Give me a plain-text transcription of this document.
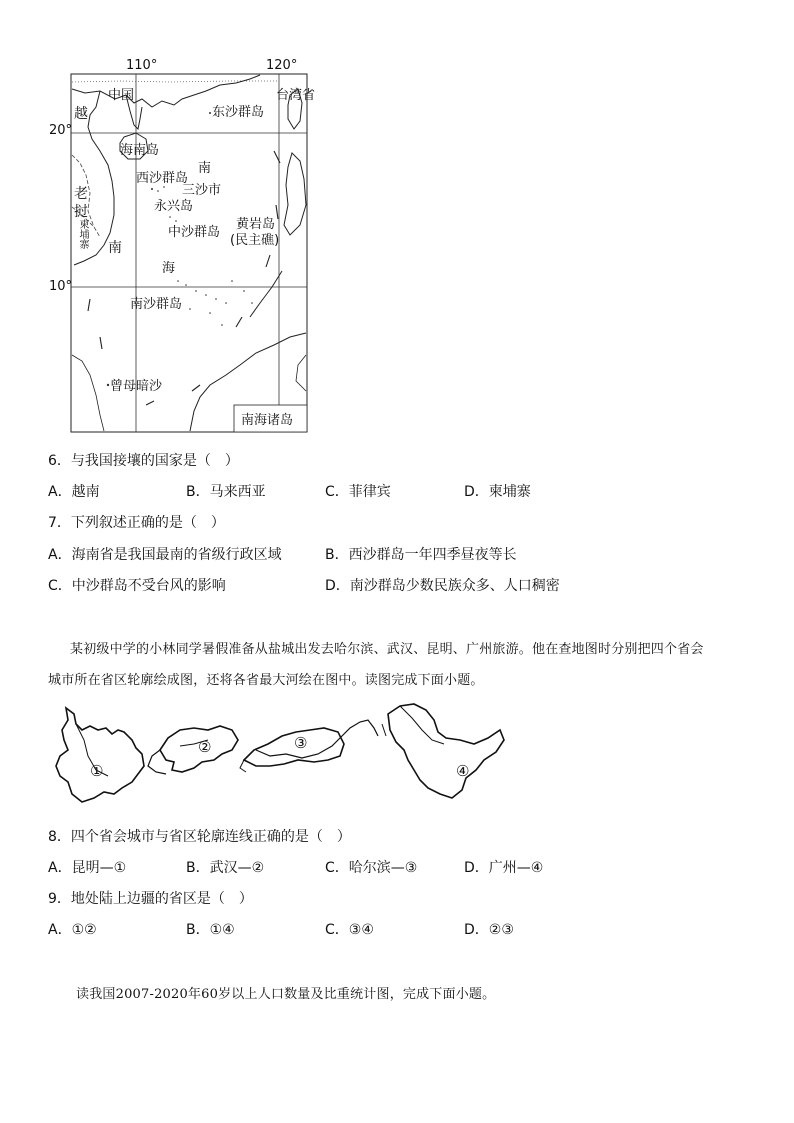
110°	120°
20°
10°
中国	台湾省
越	东沙群岛
海南岛
南
西沙群岛
三沙市
永兴岛
黄岩岛
(民主礁)
中沙群岛
老
挝
柬埔寨 南
海
南沙群岛
曾母暗沙
南海诸岛
6．与我国接壤的国家是（　）
A．越南	B．马来西亚	C．菲律宾	D．柬埔寨
7．下列叙述正确的是（　）
A．海南省是我国最南的省级行政区域	B．西沙群岛一年四季昼夜等长
C．中沙群岛不受台风的影响	D．南沙群岛少数民族众多、人口稠密
某初级中学的小林同学暑假准备从盐城出发去哈尔滨、武汉、昆明、广州旅游。他在查地图时分别把四个省会
城市所在省区轮廓绘成图，还将各省最大河绘在图中。读图完成下面小题。
①
②	③
④
8．四个省会城市与省区轮廓连线正确的是（　）
A．昆明—①	B．武汉—②	C．哈尔滨—③	D．广州—④
9．地处陆上边疆的省区是（　）
A．①②	B．①④	C．③④	D．②③
读我国2007-2020年60岁以上人口数量及比重统计图，完成下面小题。
